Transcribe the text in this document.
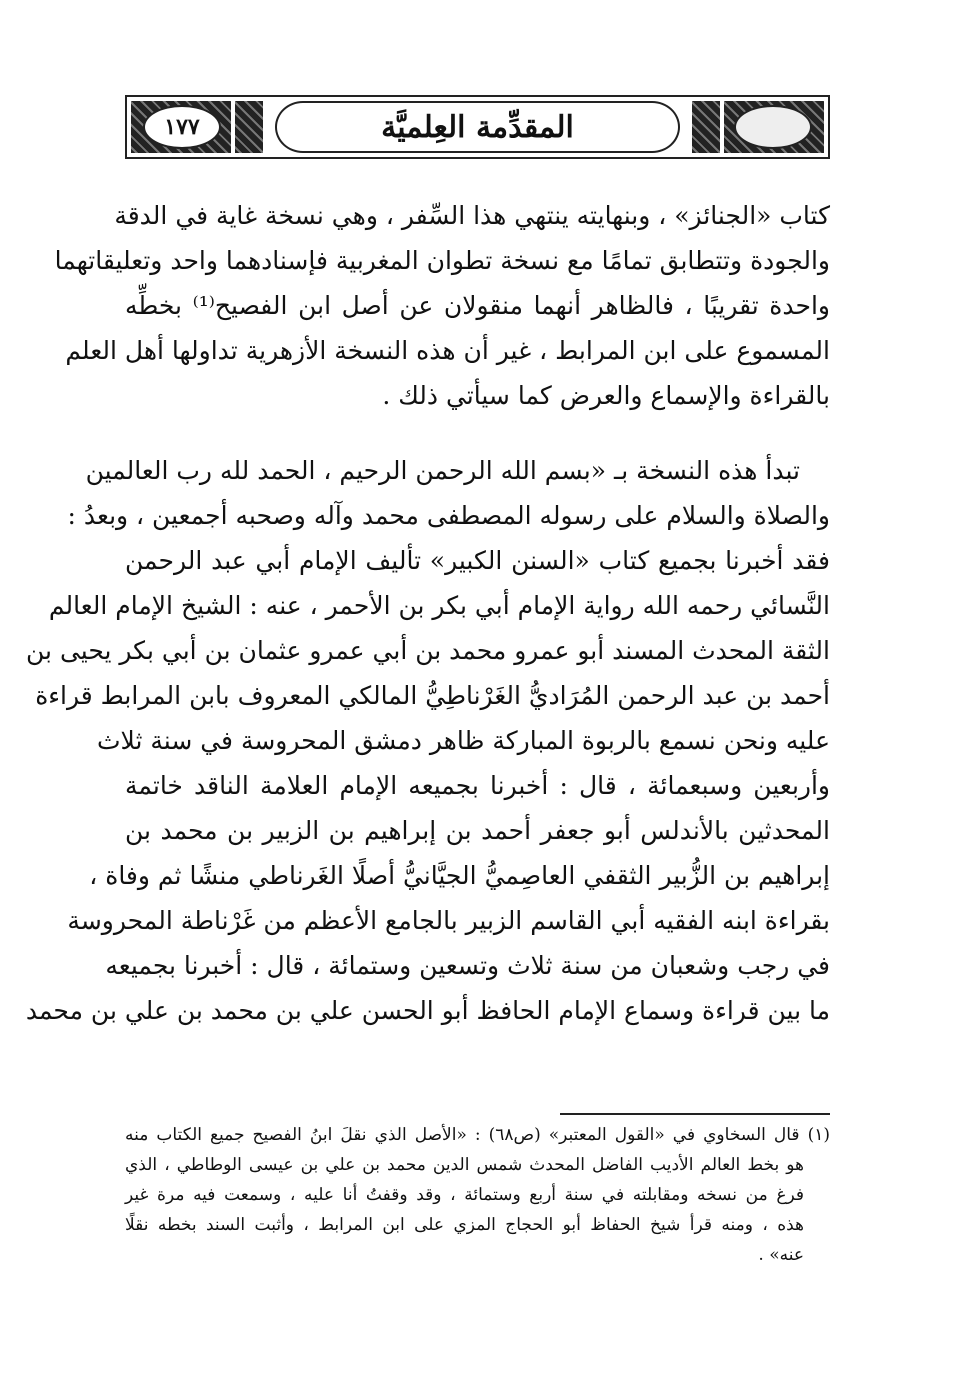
١٧٧	المقدِّمة العِلميَّة
كتاب «الجنائز» ، وبنهايته ينتهي هذا السِّفر ، وهي نسخة غاية في الدقة
والجودة وتتطابق تمامًا مع نسخة تطوان المغربية فإسنادهما واحد وتعليقاتهما
واحدة تقريبًا ، فالظاهر أنهما منقولان عن أصل ابن الفصيح⁽¹⁾ بخطِّه
المسموع على ابن المرابط ، غير أن هذه النسخة الأزهرية تداولها أهل العلم
بالقراءة والإسماع والعرض كما سيأتي ذلك .
تبدأ هذه النسخة بـ «بسم الله الرحمن الرحيم ، الحمد لله رب العالمين
والصلاة والسلام على رسوله المصطفى محمد وآله وصحبه أجمعين ، وبعدُ :
فقد أخبرنا بجميع كتاب «السنن الكبير» تأليف الإمام أبي عبد الرحمن
النَّسائي رحمه الله رواية الإمام أبي بكر بن الأحمر ، عنه : الشيخ الإمام العالم
الثقة المحدث المسند أبو عمرو محمد بن أبي عمرو عثمان بن أبي بكر يحيى بن
أحمد بن عبد الرحمن المُرَاديُّ الغَرْناطِيُّ المالكي المعروف بابن المرابط قراءة
عليه ونحن نسمع بالربوة المباركة ظاهر دمشق المحروسة في سنة ثلاث
وأربعين وسبعمائة ، قال : أخبرنا بجميعه الإمام العلامة الناقد خاتمة
المحدثين بالأندلس أبو جعفر أحمد بن إبراهيم بن الزبير بن محمد بن
إبراهيم بن الزُّبير الثقفي العاصِميُّ الجيَّانيُّ أصلًا الغَرناطي منشًا ثم وفاة ،
بقراءة ابنه الفقيه أبي القاسم الزبير بالجامع الأعظم من غَرْناطة المحروسة
في رجب وشعبان من سنة ثلاث وتسعين وستمائة ، قال : أخبرنا بجميعه
ما بين قراءة وسماع الإمام الحافظ أبو الحسن علي بن محمد بن علي بن محمد
(١) قال السخاوي في «القول المعتبر» (ص٦٨) : «الأصل الذي نقلَ ابنُ الفصيح جميع الكتاب منه
هو بخط العالم الأديب الفاضل المحدث شمس الدين محمد بن علي بن عيسى الوطاطي ، الذي
فرغ من نسخه ومقابلته في سنة أربع وستمائة ، وقد وقفتُ أنا عليه ، وسمعت فيه مرة غير
هذه ، ومنه قرأ شيخ الحفاظ أبو الحجاج المزي على ابن المرابط ، وأثبت السند بخطه نقلًا
عنه» .
